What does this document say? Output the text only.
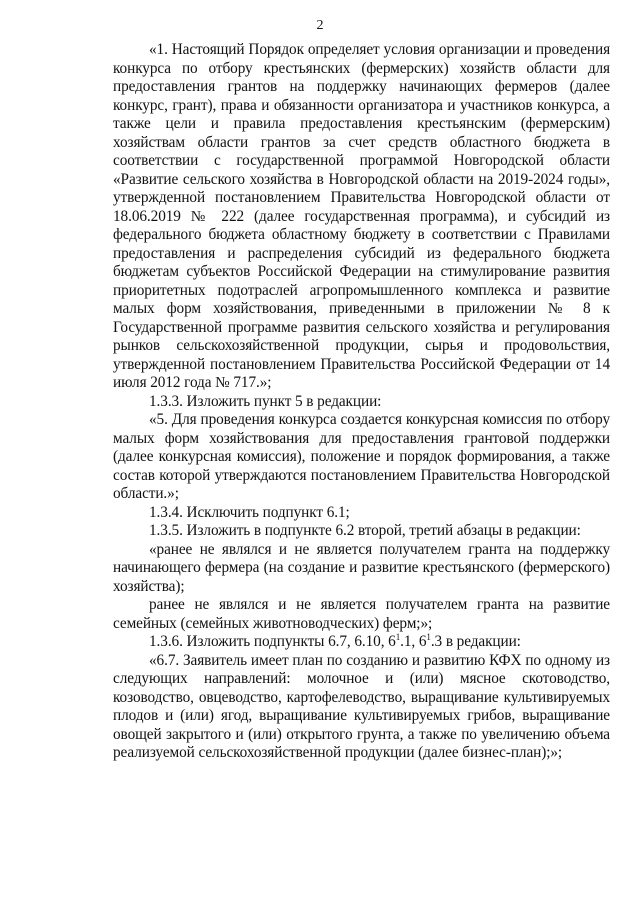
2

«1. Настоящий Порядок определяет условия организации и проведения конкурса по отбору крестьянских (фермерских) хозяйств области для предоставления грантов на поддержку начинающих фермеров (далее конкурс, грант), права и обязанности организатора и участников конкурса, а также цели и правила предоставления крестьянским (фермерским) хозяйствам области грантов за счет средств областного бюджета в соответствии с государственной программой Новгородской области «Развитие сельского хозяйства в Новгородской области на 2019-2024 годы», утвержденной постановлением Правительства Новгородской области от 18.06.2019 № 222 (далее государственная программа), и субсидий из федерального бюджета областному бюджету в соответствии с Правилами предоставления и распределения субсидий из федерального бюджета бюджетам субъектов Российской Федерации на стимулирование развития приоритетных подотраслей агропромышленного комплекса и развитие малых форм хозяйствования, приведенными в приложении № 8 к Государственной программе развития сельского хозяйства и регулирования рынков сельскохозяйственной продукции, сырья и продовольствия, утвержденной постановлением Правительства Российской Федерации от 14 июля 2012 года № 717.»;

1.3.3. Изложить пункт 5 в редакции:

«5. Для проведения конкурса создается конкурсная комиссия по отбору малых форм хозяйствования для предоставления грантовой поддержки (далее конкурсная комиссия), положение и порядок формирования, а также состав которой утверждаются постановлением Правительства Новгородской области.»;

1.3.4. Исключить подпункт 6.1;

1.3.5. Изложить в подпункте 6.2 второй, третий абзацы в редакции:

«ранее не являлся и не является получателем гранта на поддержку начинающего фермера (на создание и развитие крестьянского (фермерского) хозяйства);

ранее не являлся и не является получателем гранта на развитие семейных (семейных животноводческих) ферм;»;

1.3.6. Изложить подпункты 6.7, 6.10, $6^1.1$, $6^1.3$ в редакции:

«6.7. Заявитель имеет план по созданию и развитию КФХ по одному из следующих направлений: молочное и (или) мясное скотоводство, козоводство, овцеводство, картофелеводство, выращивание культивируемых плодов и (или) ягод, выращивание культивируемых грибов, выращивание овощей закрытого и (или) открытого грунта, а также по увеличению объема реализуемой сельскохозяйственной продукции (далее бизнес-план);»;
